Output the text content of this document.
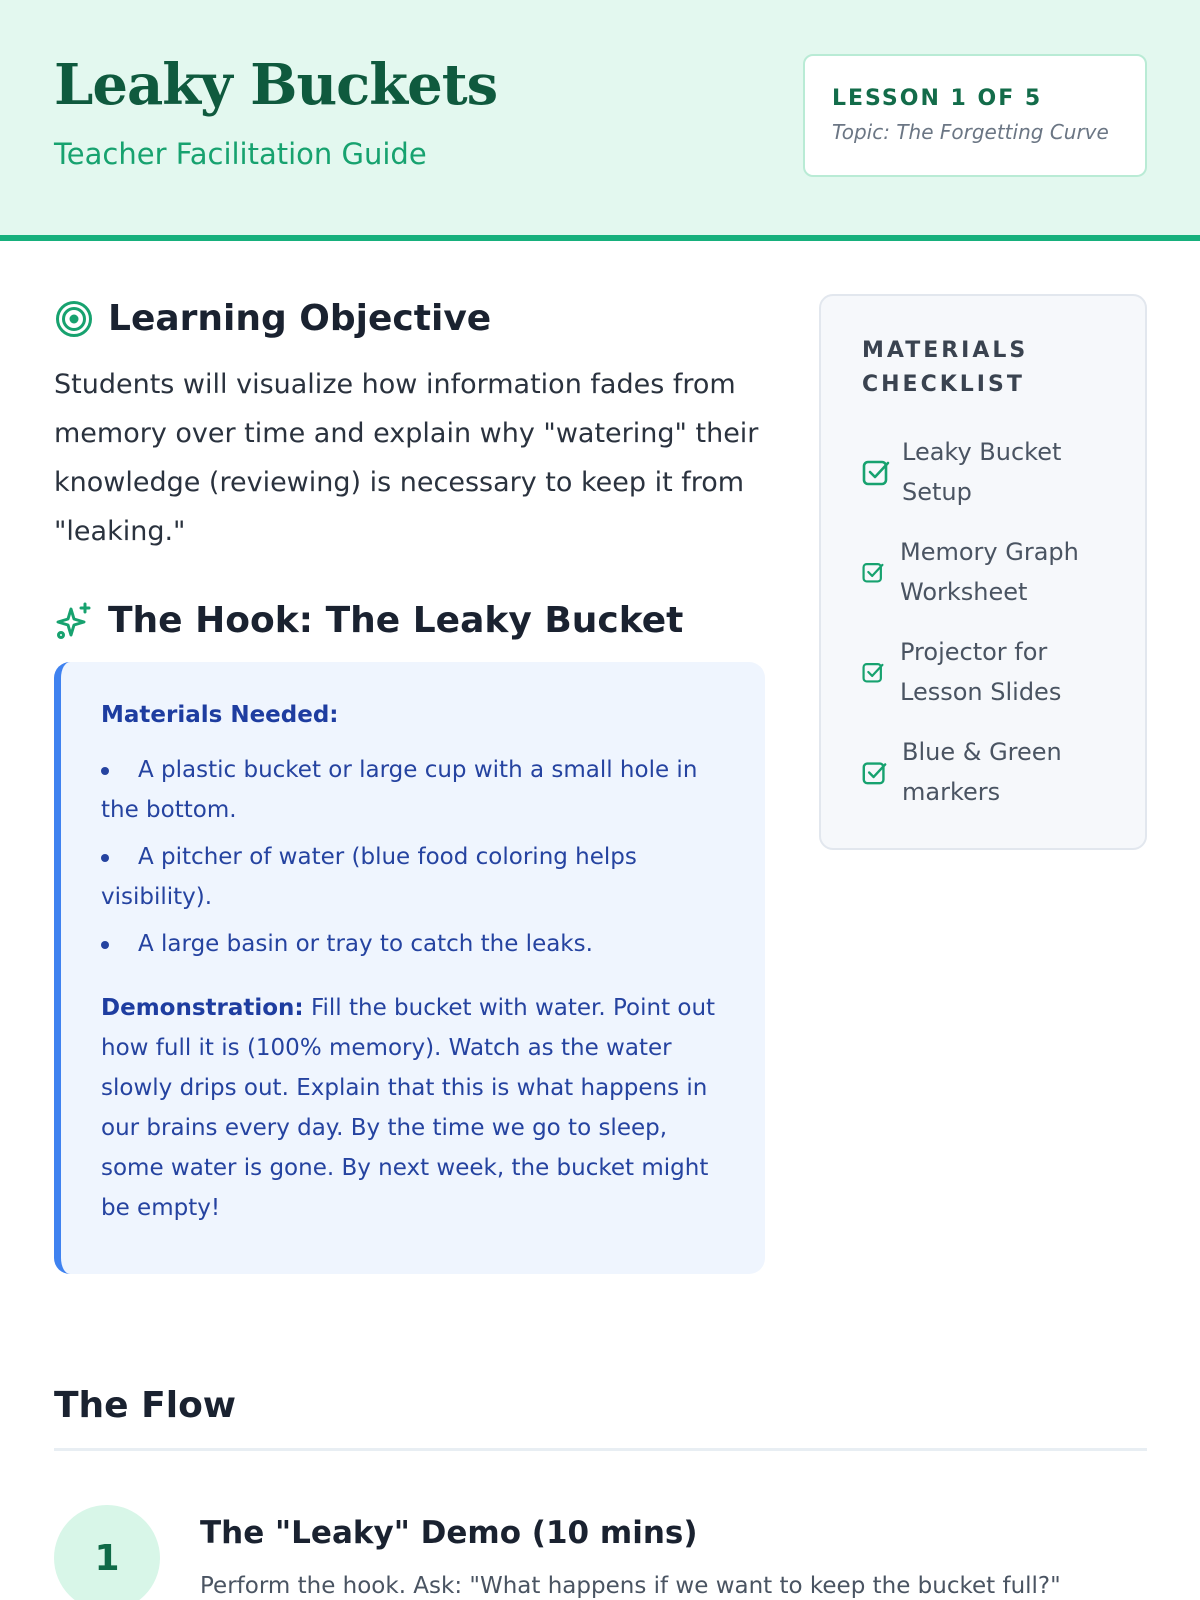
Leaky Buckets
Teacher Facilitation Guide
LESSON 1 OF 5
Topic: The Forgetting Curve
Learning Objective

Students will visualize how information fades from memory over time and explain why "watering" their knowledge (reviewing) is necessary to keep it from "leaking."

The Hook: The Leaky Bucket
Materials Needed:
A plastic bucket or large cup with a small hole in the bottom.
A pitcher of water (blue food coloring helps visibility).
A large basin or tray to catch the leaks.

Demonstration: Fill the bucket with water. Point out how full it is (100% memory). Watch as the water slowly drips out. Explain that this is what happens in our brains every day. By the time we go to sleep, some water is gone. By next week, the bucket might be empty!

MATERIALS CHECKLIST
Leaky Bucket Setup
Memory Graph Worksheet
Projector for Lesson Slides
Blue & Green markers
The Flow
1
The "Leaky" Demo (10 mins)

Perform the hook. Ask: "What happens if we want to keep the bucket full?"
